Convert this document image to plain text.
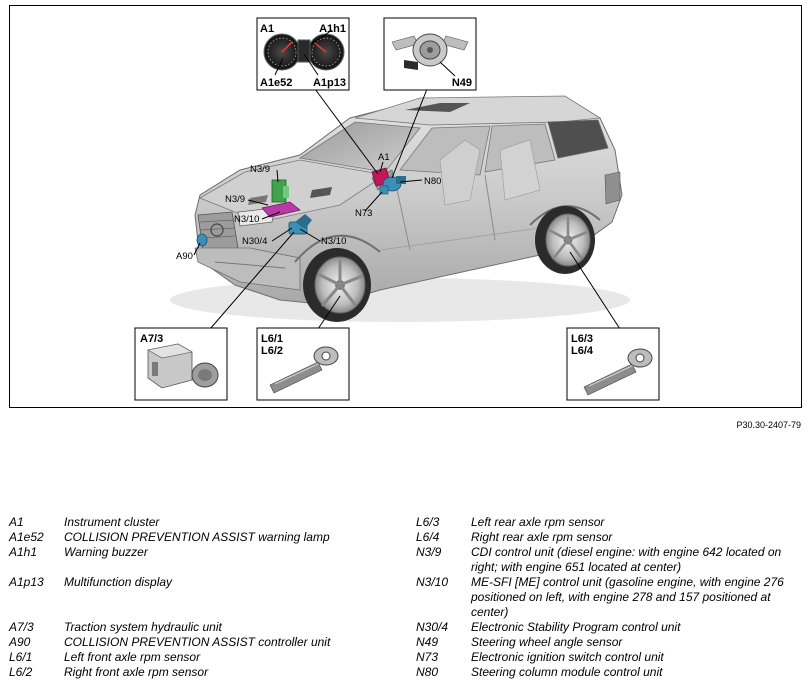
A1	A1h1
A1e52 A1p13	N49
A7/3	L6/1
L6/2
L6/3
L6/4
N3/9
N3/9
N3/10
N30/4	N3/10
A90
A1
N80
N73
P30.30-2407-79
A1	Instrument cluster
A1e52	COLLISION PREVENTION ASSIST warning lamp
A1h1	Warning buzzer
A1p13	Multifunction display
A7/3	Traction system hydraulic unit
A90	COLLISION PREVENTION ASSIST controller unit
L6/1	Left front axle rpm sensor
L6/2	Right front axle rpm sensor
L6/3	Left rear axle rpm sensor
L6/4	Right rear axle rpm sensor
N3/9	CDI control unit (diesel engine: with engine 642 located on right; with engine 651 located at center)
N3/10	ME-SFI [ME] control unit (gasoline engine, with engine 276 positioned on left, with engine 278 and 157 positioned at center)
N30/4	Electronic Stability Program control unit
N49	Steering wheel angle sensor
N73	Electronic ignition switch control unit
N80	Steering column module control unit
